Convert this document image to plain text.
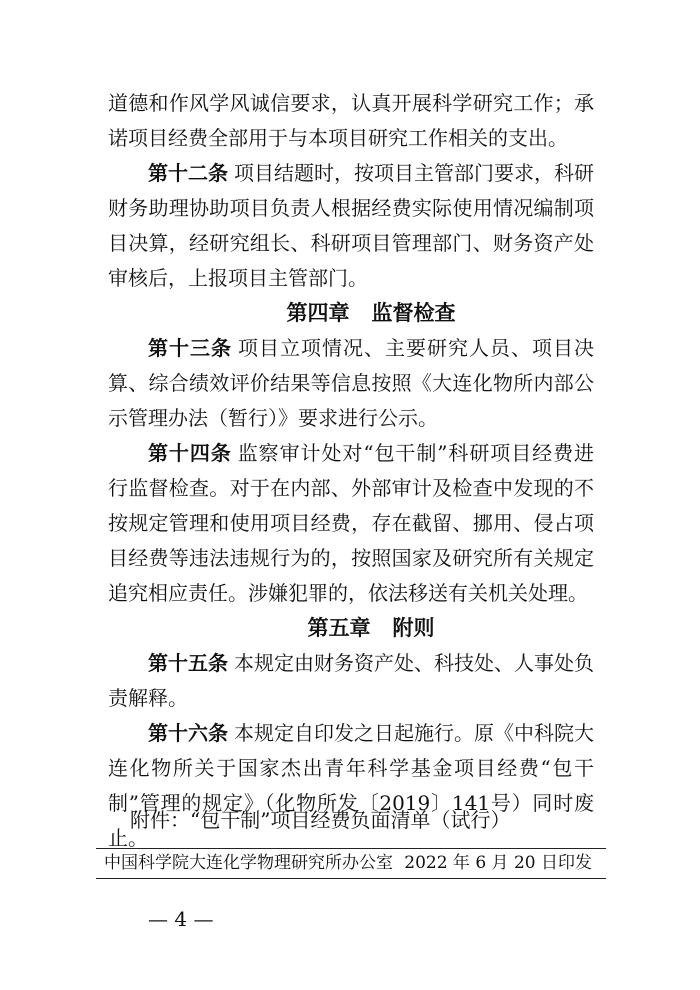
道德和作风学风诚信要求，认真开展科学研究工作；承诺项目经费全部用于与本项目研究工作相关的支出。

第十二条 项目结题时，按项目主管部门要求，科研财务助理协助项目负责人根据经费实际使用情况编制项目决算，经研究组长、科研项目管理部门、财务资产处审核后，上报项目主管部门。

第四章 监督检查

第十三条 项目立项情况、主要研究人员、项目决算、综合绩效评价结果等信息按照《大连化物所内部公示管理办法（暂行）》要求进行公示。

第十四条 监察审计处对“包干制”科研项目经费进行监督检查。对于在内部、外部审计及检查中发现的不按规定管理和使用项目经费，存在截留、挪用、侵占项目经费等违法违规行为的，按照国家及研究所有关规定追究相应责任。涉嫌犯罪的，依法移送有关机关处理。

第五章 附则

第十五条 本规定由财务资产处、科技处、人事处负责解释。

第十六条 本规定自印发之日起施行。原《中科院大连化物所关于国家杰出青年科学基金项目经费“包干制”管理的规定》（化物所发〔2019〕141号）同时废止。

附件：“包干制”项目经费负面清单（试行）
中国科学院大连化学物理研究所办公室 2022 年 6 月 20 日印发
— 4 —
